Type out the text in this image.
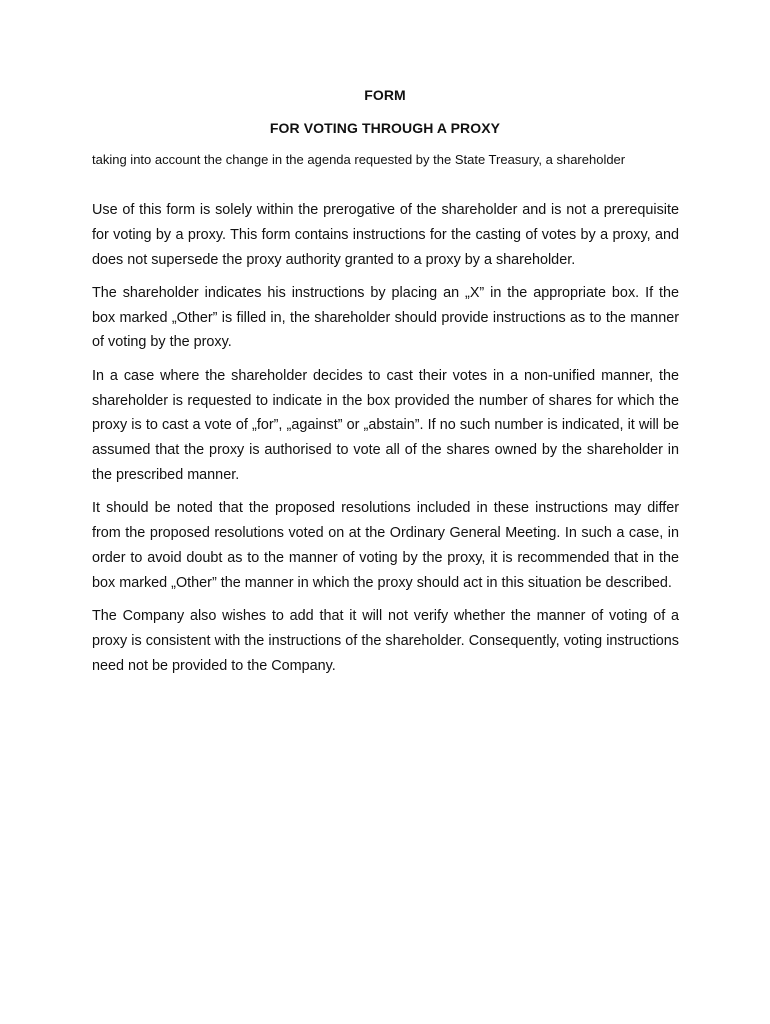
FORM
FOR VOTING THROUGH A PROXY

taking into account the change in the agenda requested by the State Treasury, a shareholder

Use of this form is solely within the prerogative of the shareholder and is not a prerequisite for voting by a proxy. This form contains instructions for the casting of votes by a proxy, and does not supersede the proxy authority granted to a proxy by a shareholder.

The shareholder indicates his instructions by placing an „X” in the appropriate box. If the box marked „Other” is filled in, the shareholder should provide instructions as to the manner of voting by the proxy.

In a case where the shareholder decides to cast their votes in a non-unified manner, the shareholder is requested to indicate in the box provided the number of shares for which the proxy is to cast a vote of „for”, „against” or „abstain”. If no such number is indicated, it will be assumed that the proxy is authorised to vote all of the shares owned by the shareholder in the prescribed manner.

It should be noted that the proposed resolutions included in these instructions may differ from the proposed resolutions voted on at the Ordinary General Meeting. In such a case, in order to avoid doubt as to the manner of voting by the proxy, it is recommended that in the box marked „Other” the manner in which the proxy should act in this situation be described.

The Company also wishes to add that it will not verify whether the manner of voting of a proxy is consistent with the instructions of the shareholder. Consequently, voting instructions need not be provided to the Company.
